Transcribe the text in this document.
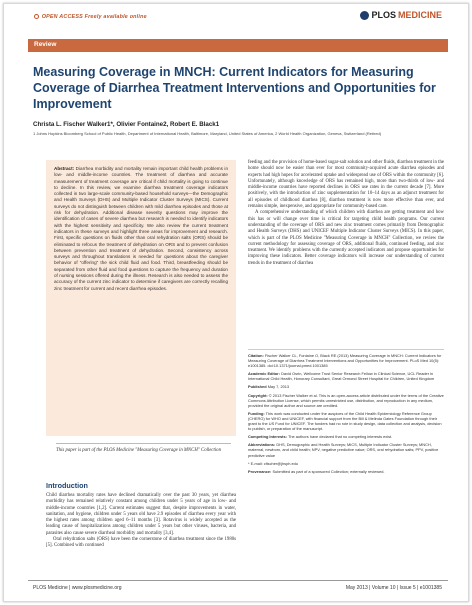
OPEN ACCESS Freely available online	PLOS MEDICINE
Review
Measuring Coverage in MNCH: Current Indicators for Measuring Coverage of Diarrhea Treatment Interventions and Opportunities for Improvement
Christa L. Fischer Walker1*, Olivier Fontaine2, Robert E. Black1
1 Johns Hopkins Bloomberg School of Public Health, Department of International Health, Baltimore, Maryland, United States of America, 2 World Health Organization, Geneva, Switzerland (Retired)
Abstract: Diarrhea morbidity and mortality remain important child health problems in low- and middle-income countries. The treatment of diarrhea and accurate measurement of treatment coverage are critical if child mortality is going to continue to decline. In this review, we examine diarrhea treatment coverage indicators collected in two large-scale community-based household surveys—the Demographic and Health Surveys (DHS) and Multiple Indicator Cluster Surveys (MICS). Current surveys do not distinguish between children with mild diarrhea episodes and those at risk for dehydration. Additional disease severity questions may improve the identification of cases of severe diarrhea but research is needed to identify indicators with the highest sensitivity and specificity. We also review the current treatment indicators in these surveys and highlight three areas for improvement and research. First, specific questions on fluids other than oral rehydration salts (ORS) should be eliminated to refocus the treatment of dehydration on ORS and to prevent confusion between prevention and treatment of dehydration. Second, consistency across surveys and throughout translations is needed for questions about the caregiver behavior of "offering" the sick child fluid and food. Third, breastfeeding should be separated from other fluid and food questions to capture the frequency and duration of nursing sessions offered during the illness. Research is also needed to assess the accuracy of the current zinc indicator to determine if caregivers are correctly recalling zinc treatment for current and recent diarrhea episodes.
This paper is part of the PLOS Medicine "Measuring Coverage in MNCH" Collection
Introduction

Child diarrhea mortality rates have declined dramatically over the past 30 years, yet diarrhea morbidity has remained relatively constant among children under 5 years of age in low- and middle-income countries [1,2]. Current estimates suggest that, despite improvements in water, sanitation, and hygiene, children under 5 years old have 2.9 episodes of diarrhea every year with the highest rates among children aged 6–11 months [3]. Rotavirus is widely accepted as the leading cause of hospitalizations among children under 5 years but other viruses, bacteria, and parasites also cause severe diarrheal morbidity and mortality [3,4].

Oral rehydration salts (ORS) have been the cornerstone of diarrhea treatment since the 1980s [5]. Combined with continued

feeding and the provision of home-based sugar-salt solution and other fluids, diarrhea treatment in the home should now be easier than ever for most community-acquired acute diarrhea episodes and experts had high hopes for accelerated uptake and widespread use of ORS within the community [6]. Unfortunately, although knowledge of ORS has remained high, more than two-thirds of low- and middle-income countries have reported declines in ORS use rates in the current decade [7]. More positively, with the introduction of zinc supplementation for 10–14 days as an adjunct treatment for all episodes of childhood diarrhea [8], diarrhea treatment is now more effective than ever, and remains simple, inexpensive, and appropriate for community-based care.

A comprehensive understanding of which children with diarrhea are getting treatment and how this has or will change over time is critical for targeting child health programs. Our current understanding of the coverage of ORS and new zinc treatment comes primarily from Demographic and Health Surveys (DHS) and UNICEF Multiple Indicator Cluster Surveys (MICS). In this paper, which is part of the PLOS Medicine "Measuring Coverage in MNCH" Collection, we review the current methodology for assessing coverage of ORS, additional fluids, continued feeding, and zinc treatment. We identify problems with the currently accepted indicators and propose opportunities for improving these indicators. Better coverage indicators will increase our understanding of current trends in the treatment of diarrhea

Citation: Fischer Walker CL, Fontaine O, Black RE (2013) Measuring Coverage in MNCH: Current Indicators for Measuring Coverage of Diarrhea Treatment Interventions and Opportunities for Improvement. PLoS Med 10(5): e1001385. doi:10.1371/journal.pmed.1001385

Academic Editor: David Osrin, Wellcome Trust Senior Research Fellow in Clinical Science, UCL Reader in International Child Health, Honorary Consultant, Great Ormond Street Hospital for Children, United Kingdom

Published May 7, 2013

Copyright: © 2013 Fischer Walker et al. This is an open-access article distributed under the terms of the Creative Commons Attribution License, which permits unrestricted use, distribution, and reproduction in any medium, provided the original author and source are credited.

Funding: This work was conducted under the auspices of the Child Health Epidemiology Reference Group (CHERG) for WHO and UNICEF, with financial support from the Bill & Melinda Gates Foundation through their grant to the US Fund for UNICEF. The funders had no role in study design, data collection and analysis, decision to publish, or preparation of the manuscript.

Competing Interests: The authors have declared that no competing interests exist.

Abbreviations: DHS, Demographic and Health Surveys; MICS, Multiple Indicator Cluster Surveys; MNCH, maternal, newborn, and child health; NPV, negative predictive value; ORS, oral rehydration salts; PPV, positive predictive value

* E-mail: cfischer@jhsph.edu

Provenance: Submitted as part of a sponsored Collection; externally reviewed.

PLOS Medicine | www.plosmedicine.org	May 2013 | Volume 10 | Issue 5 | e1001385
